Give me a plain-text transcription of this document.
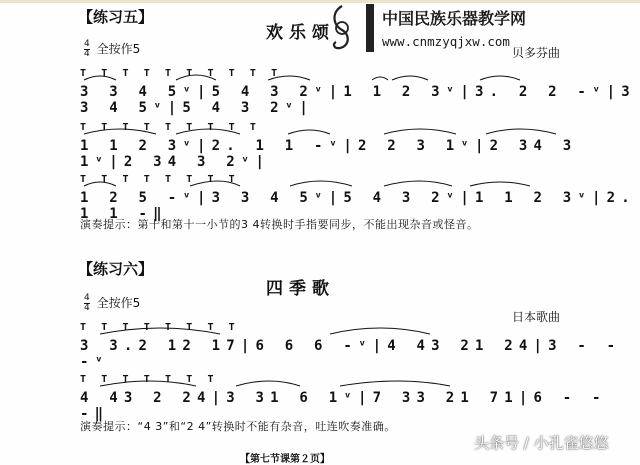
【练习五】
欢乐颂
中国民族乐器教学网
www.cnmzyqjxw.com
$\frac{4}{4}$ 全按作5	贝多芬曲
T T T T T T T T T T
3 3 4 5ᵛ|5 4 3 2ᵛ|1 1 2 3ᵛ|3. 2 2 -ᵛ|3 3 4 5ᵛ|5 4 3 2ᵛ|
T T T T T T T T T
1 1 2 3ᵛ|2. 1 1 -ᵛ|2 2 3 1ᵛ|2 34 3 1ᵛ|2 34 3 2ᵛ|
T T T T T T T T
1 2 5 -ᵛ|3 3 4 5ᵛ|5 4 3 2ᵛ|1 1 2 3ᵛ|2. 1 1 -‖
演奏提示：第十和第十一小节的3 4转换时手指要同步，不能出现杂音或怪音。
【练习六】
四季歌
$\frac{4}{4}$ 全按作5
日本歌曲
T T T T T T T T
3 3.2 12 17|6 6 6 -ᵛ|4 43 21 24|3 - - -ᵛ
T T T T T T T
4 43 2 24|3 31 6 1ᵛ|7 33 21 71|6 - - -‖
演奏提示：“4 3”和“2 4”转换时不能有杂音，吐连吹奏准确。
【第七节课第２页】
头条号 / 小孔雀悠悠
